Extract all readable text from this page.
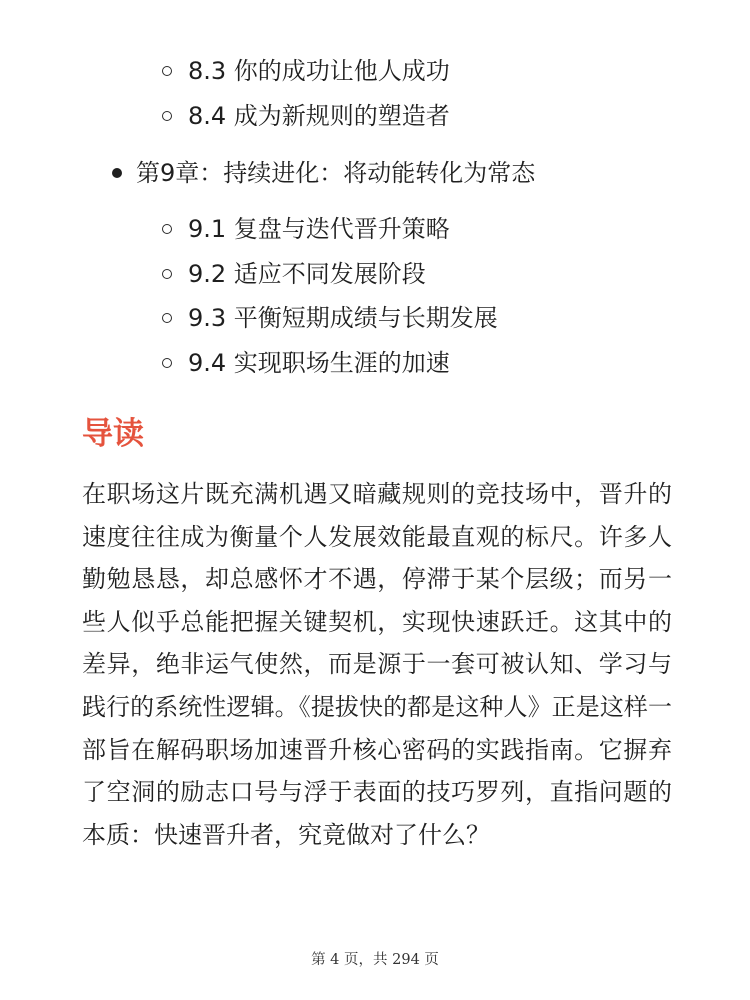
8.3 你的成功让他人成功
8.4 成为新规则的塑造者
第9章：持续进化：将动能转化为常态
9.1 复盘与迭代晋升策略
9.2 适应不同发展阶段
9.3 平衡短期成绩与长期发展
9.4 实现职场生涯的加速
导读

在职场这片既充满机遇又暗藏规则的竞技场中，晋升的速度往往成为衡量个人发展效能最直观的标尺。许多人勤勉恳恳，却总感怀才不遇，停滞于某个层级；而另一些人似乎总能把握关键契机，实现快速跃迁。这其中的差异，绝非运气使然，而是源于一套可被认知、学习与践行的系统性逻辑。《提拔快的都是这种人》正是这样一部旨在解码职场加速晋升核心密码的实践指南。它摒弃了空洞的励志口号与浮于表面的技巧罗列，直指问题的本质：快速晋升者，究竟做对了什么？

第 4 页，共 294 页
